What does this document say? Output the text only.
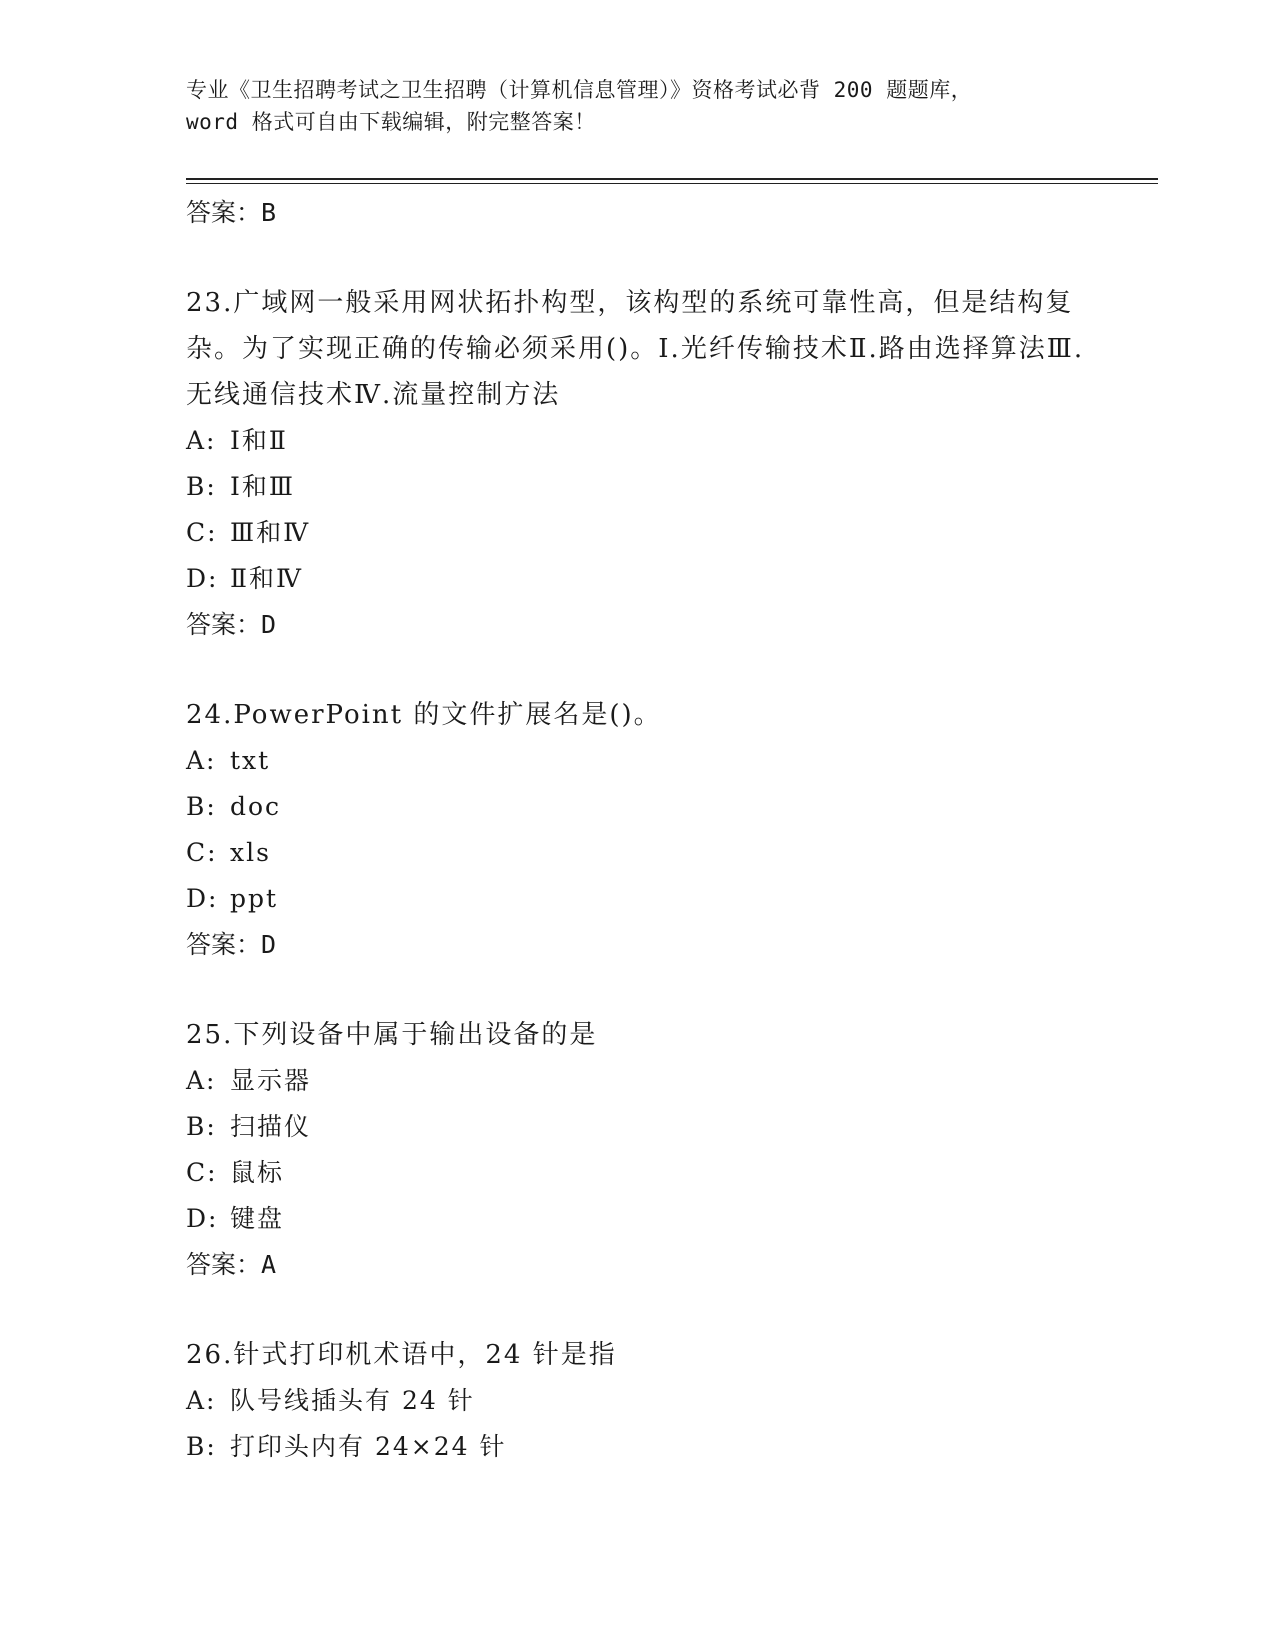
专业《卫生招聘考试之卫生招聘（计算机信息管理）》资格考试必背 200 题题库，
word 格式可自由下载编辑，附完整答案！
答案：B
23.广域网一般采用网状拓扑构型，该构型的系统可靠性高，但是结构复杂。为了实现正确的传输必须采用()。Ⅰ.光纤传输技术Ⅱ.路由选择算法Ⅲ.无线通信技术Ⅳ.流量控制方法
A: Ⅰ和Ⅱ
B: Ⅰ和Ⅲ
C: Ⅲ和Ⅳ
D: Ⅱ和Ⅳ
答案：D
24.PowerPoint 的文件扩展名是()。
A: txt
B: doc
C: xls
D: ppt
答案：D
25.下列设备中属于输出设备的是
A: 显示器
B: 扫描仪
C: 鼠标
D: 键盘
答案：A
26.针式打印机术语中，24 针是指
A: 队号线插头有 24 针
B: 打印头内有 24×24 针
